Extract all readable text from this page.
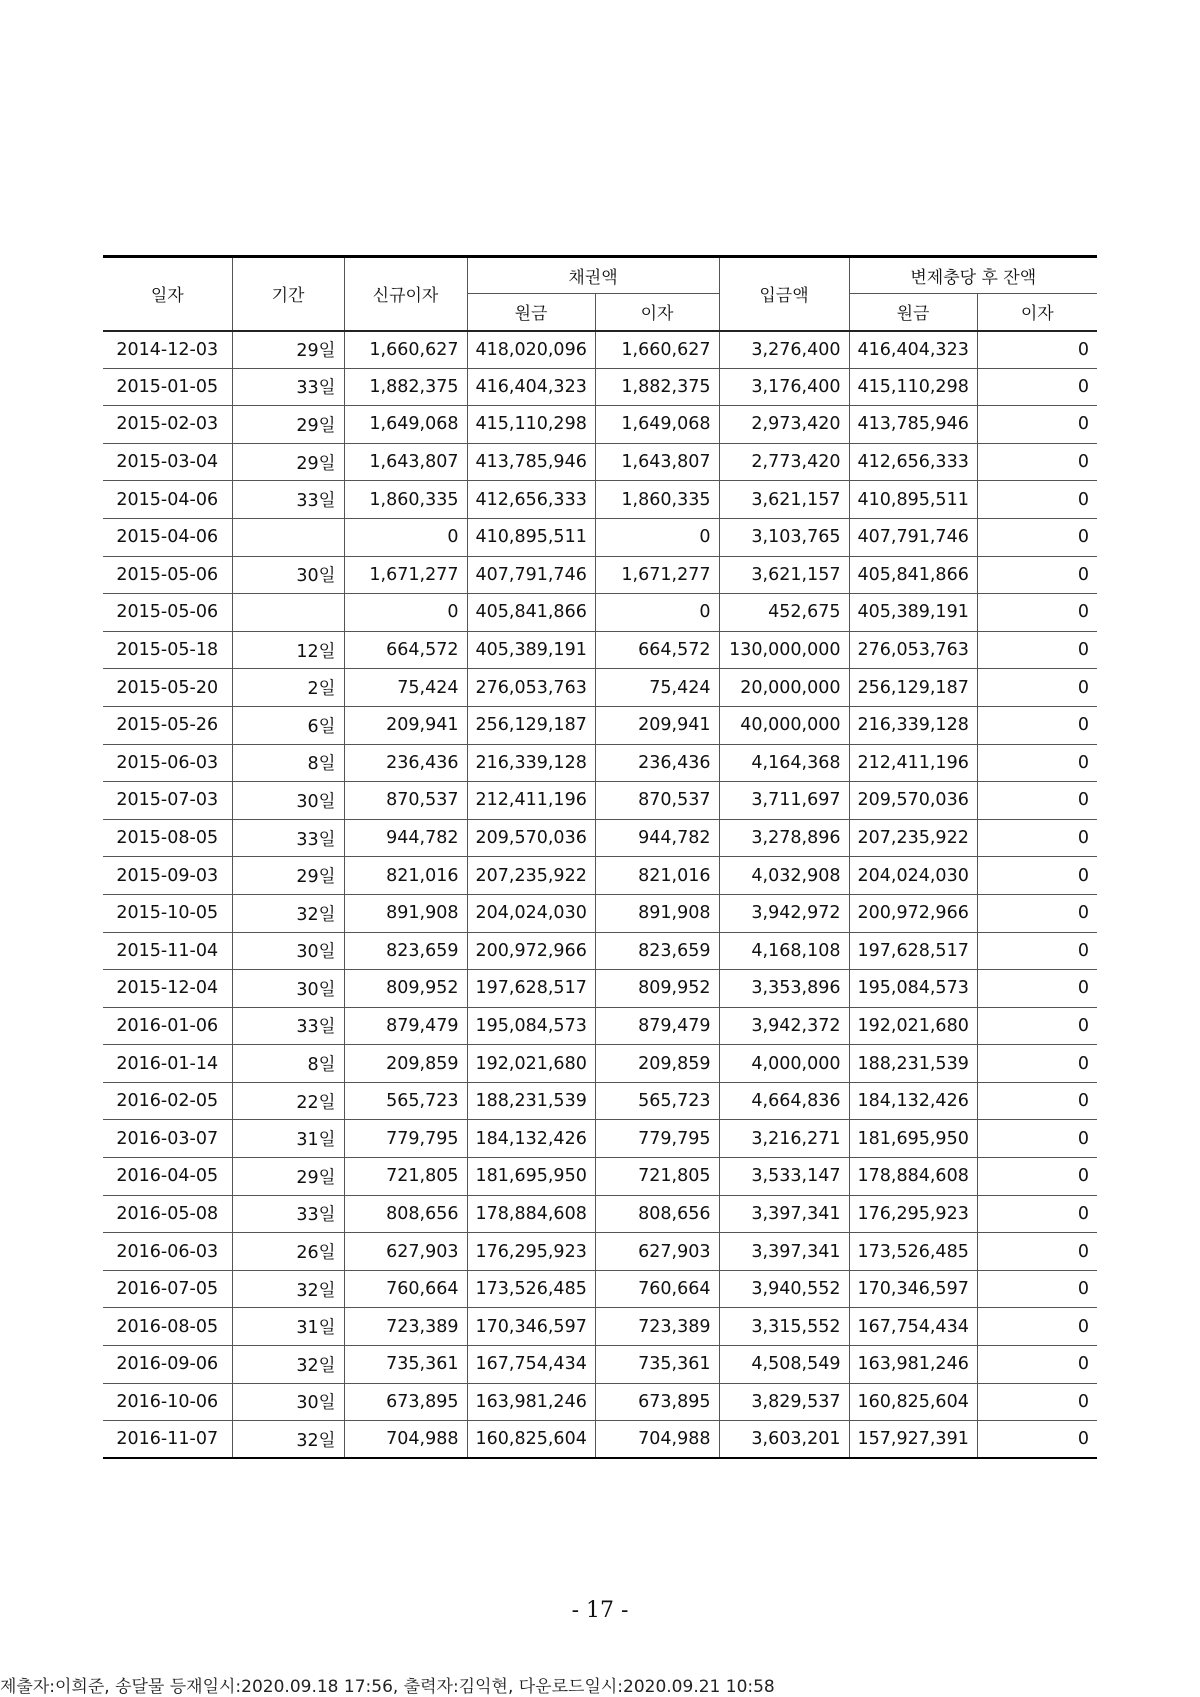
일자	기간	신규이자	채권액		입금액	변제충당 후 잔액	
			원금	이자		원금	이자
2014-12-03	29일	1,660,627	418,020,096	1,660,627	3,276,400	416,404,323	0
2015-01-05	33일	1,882,375	416,404,323	1,882,375	3,176,400	415,110,298	0
2015-02-03	29일	1,649,068	415,110,298	1,649,068	2,973,420	413,785,946	0
2015-03-04	29일	1,643,807	413,785,946	1,643,807	2,773,420	412,656,333	0
2015-04-06	33일	1,860,335	412,656,333	1,860,335	3,621,157	410,895,511	0
2015-04-06		0	410,895,511	0	3,103,765	407,791,746	0
2015-05-06	30일	1,671,277	407,791,746	1,671,277	3,621,157	405,841,866	0
2015-05-06		0	405,841,866	0	452,675	405,389,191	0
2015-05-18	12일	664,572	405,389,191	664,572	130,000,000	276,053,763	0
2015-05-20	2일	75,424	276,053,763	75,424	20,000,000	256,129,187	0
2015-05-26	6일	209,941	256,129,187	209,941	40,000,000	216,339,128	0
2015-06-03	8일	236,436	216,339,128	236,436	4,164,368	212,411,196	0
2015-07-03	30일	870,537	212,411,196	870,537	3,711,697	209,570,036	0
2015-08-05	33일	944,782	209,570,036	944,782	3,278,896	207,235,922	0
2015-09-03	29일	821,016	207,235,922	821,016	4,032,908	204,024,030	0
2015-10-05	32일	891,908	204,024,030	891,908	3,942,972	200,972,966	0
2015-11-04	30일	823,659	200,972,966	823,659	4,168,108	197,628,517	0
2015-12-04	30일	809,952	197,628,517	809,952	3,353,896	195,084,573	0
2016-01-06	33일	879,479	195,084,573	879,479	3,942,372	192,021,680	0
2016-01-14	8일	209,859	192,021,680	209,859	4,000,000	188,231,539	0
2016-02-05	22일	565,723	188,231,539	565,723	4,664,836	184,132,426	0
2016-03-07	31일	779,795	184,132,426	779,795	3,216,271	181,695,950	0
2016-04-05	29일	721,805	181,695,950	721,805	3,533,147	178,884,608	0
2016-05-08	33일	808,656	178,884,608	808,656	3,397,341	176,295,923	0
2016-06-03	26일	627,903	176,295,923	627,903	3,397,341	173,526,485	0
2016-07-05	32일	760,664	173,526,485	760,664	3,940,552	170,346,597	0
2016-08-05	31일	723,389	170,346,597	723,389	3,315,552	167,754,434	0
2016-09-06	32일	735,361	167,754,434	735,361	4,508,549	163,981,246	0
2016-10-06	30일	673,895	163,981,246	673,895	3,829,537	160,825,604	0
2016-11-07	32일	704,988	160,825,604	704,988	3,603,201	157,927,391	0
- 17 -
제출자:이희준, 송달물 등재일시:2020.09.18 17:56, 출력자:김익현, 다운로드일시:2020.09.21 10:58
